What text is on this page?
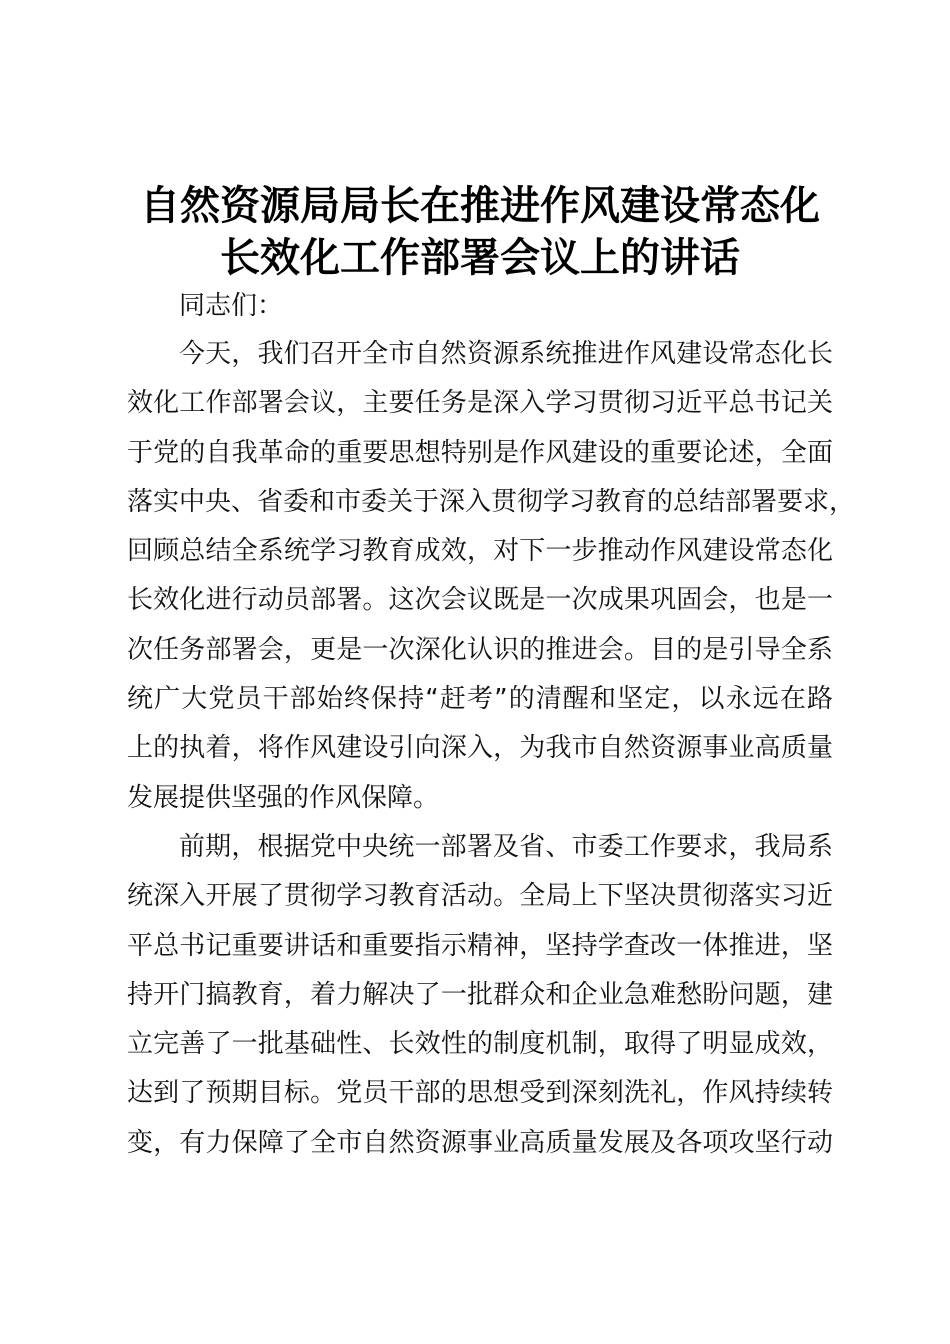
自然资源局局长在推进作风建设常态化
长效化工作部署会议上的讲话

同志们：

今天，我们召开全市自然资源系统推进作风建设常态化长
效化工作部署会议，主要任务是深入学习贯彻习近平总书记关
于党的自我革命的重要思想特别是作风建设的重要论述，全面
落实中央、省委和市委关于深入贯彻学习教育的总结部署要求，
回顾总结全系统学习教育成效，对下一步推动作风建设常态化
长效化进行动员部署。这次会议既是一次成果巩固会，也是一
次任务部署会，更是一次深化认识的推进会。目的是引导全系
统广大党员干部始终保持“赶考”的清醒和坚定，以永远在路
上的执着，将作风建设引向深入，为我市自然资源事业高质量
发展提供坚强的作风保障。

前期，根据党中央统一部署及省、市委工作要求，我局系
统深入开展了贯彻学习教育活动。全局上下坚决贯彻落实习近
平总书记重要讲话和重要指示精神，坚持学查改一体推进，坚
持开门搞教育，着力解决了一批群众和企业急难愁盼问题，建
立完善了一批基础性、长效性的制度机制，取得了明显成效，
达到了预期目标。党员干部的思想受到深刻洗礼，作风持续转
变，有力保障了全市自然资源事业高质量发展及各项攻坚行动
